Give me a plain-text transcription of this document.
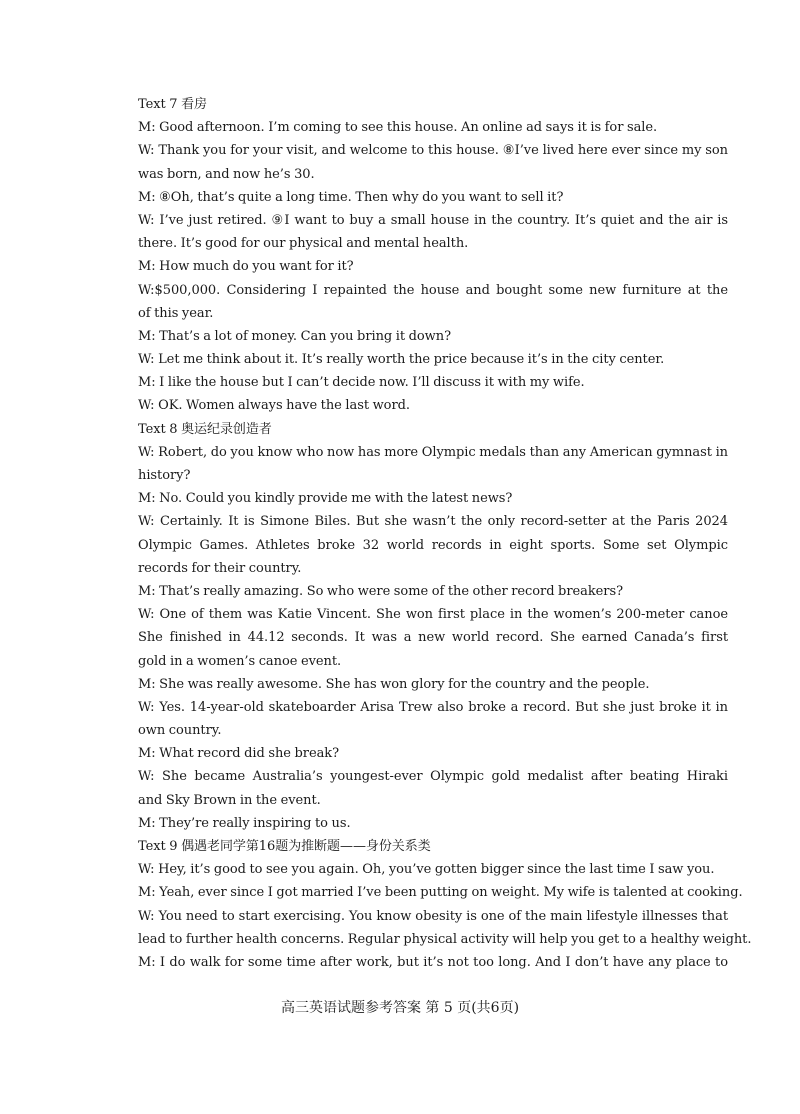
Text 7 看房
M: Good afternoon. I’m coming to see this house. An online ad says it is for sale.
W: Thank you for your visit, and welcome to this house. ⑧I’ve lived here ever since my son
was born, and now he’s 30.
M: ⑧Oh, that’s quite a long time. Then why do you want to sell it?
W: I’ve just retired. ⑨I want to buy a small house in the country. It’s quiet and the air is
there. It’s good for our physical and mental health.
M: How much do you want for it?
W:$500,000. Considering I repainted the house and bought some new furniture at the
of this year.
M: That’s a lot of money. Can you bring it down?
W: Let me think about it. It’s really worth the price because it’s in the city center.
M: I like the house but I can’t decide now. I’ll discuss it with my wife.
W: OK. Women always have the last word.
Text 8 奥运纪录创造者
W: Robert, do you know who now has more Olympic medals than any American gymnast in
history?
M: No. Could you kindly provide me with the latest news?
W: Certainly. It is Simone Biles. But she wasn’t the only record-setter at the Paris 2024
Olympic Games. Athletes broke 32 world records in eight sports. Some set Olympic
records for their country.
M: That’s really amazing. So who were some of the other record breakers?
W: One of them was Katie Vincent. She won first place in the women’s 200-meter canoe
She finished in 44.12 seconds. It was a new world record. She earned Canada’s first
gold in a women’s canoe event.
M: She was really awesome. She has won glory for the country and the people.
W: Yes. 14-year-old skateboarder Arisa Trew also broke a record. But she just broke it in
own country.
M: What record did she break?
W: She became Australia’s youngest-ever Olympic gold medalist after beating Hiraki
and Sky Brown in the event.
M: They’re really inspiring to us.
Text 9 偶遇老同学第16题为推断题——身份关系类
W: Hey, it’s good to see you again. Oh, you’ve gotten bigger since the last time I saw you.
M: Yeah, ever since I got married I’ve been putting on weight. My wife is talented at cooking.
W: You need to start exercising. You know obesity is one of the main lifestyle illnesses that
lead to further health concerns. Regular physical activity will help you get to a healthy weight.
M: I do walk for some time after work, but it’s not too long. And I don’t have any place to
高三英语试题参考答案 第 5 页(共6页)
